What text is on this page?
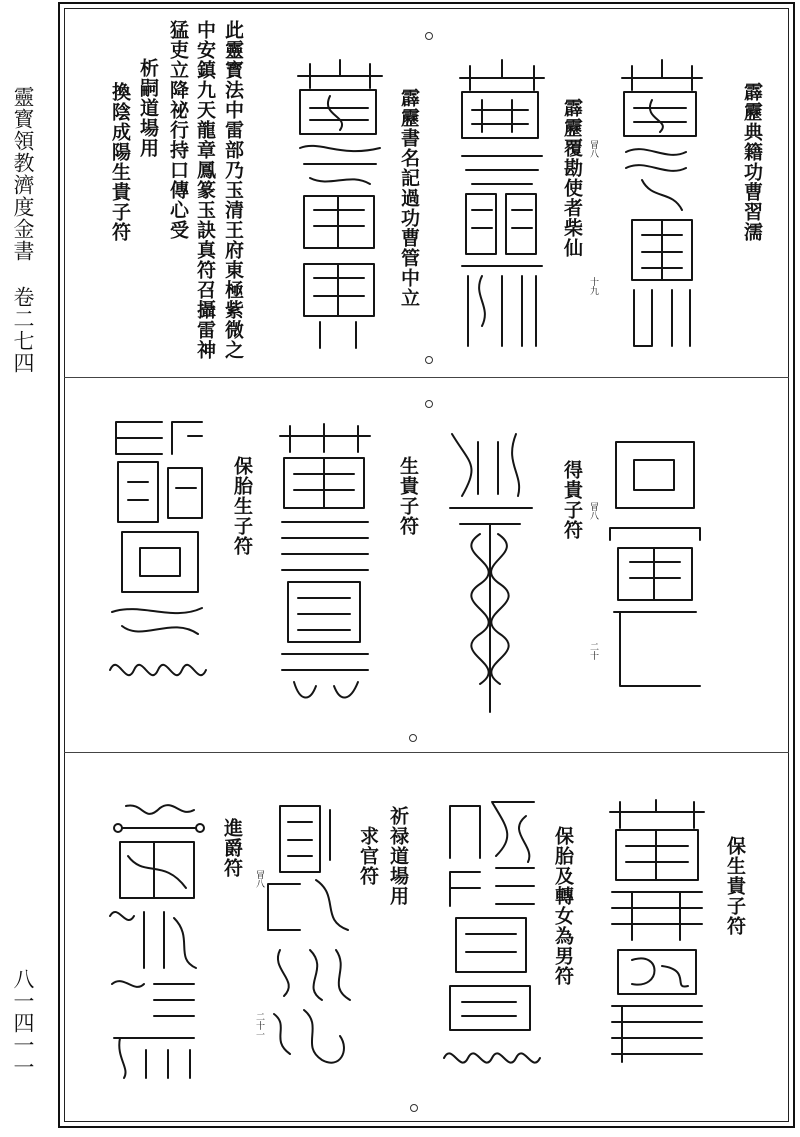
靈寳領教濟度金書
卷二七四
八一四一一
霹靂典籍功曹習濡
霹靂覆勘使者柴仙
霹靂書名記過功曹管中立
此靈寳法中雷部乃玉清王府東極紫微之
中安鎮九天龍章鳳篆玉訣真符召攝雷神
猛吏立降祕行持口傳心受
析嗣道場用
換陰成陽生貴子符	冒八
十九
得貴子符
生貴子符
保胎生子符	冒八
二十
保生貴子符
保胎及轉女為男符
祈禄道場用
求官符
進爵符
冒八
二十一
